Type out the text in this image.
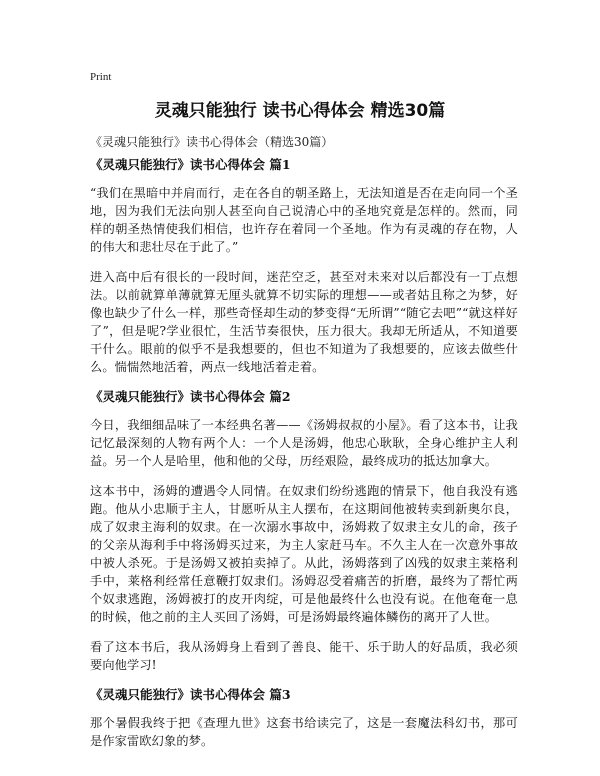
Print
灵魂只能独行 读书心得体会 精选30篇
《灵魂只能独行》读书心得体会（精选30篇）
《灵魂只能独行》读书心得体会 篇1

“我们在黑暗中并肩而行，走在各自的朝圣路上，无法知道是否在走向同一个圣地，因为我们无法向别人甚至向自己说清心中的圣地究竟是怎样的。然而，同样的朝圣热情使我们相信，也许存在着同一个圣地。作为有灵魂的存在物，人的伟大和悲壮尽在于此了。”

进入高中后有很长的一段时间，迷茫空乏，甚至对未来对以后都没有一丁点想法。以前就算单薄就算无厘头就算不切实际的理想——或者姑且称之为梦，好像也缺少了什么一样，那些奇怪却生动的梦变得“无所谓”“随它去吧”“就这样好了”，但是呢?学业很忙，生活节奏很快，压力很大。我却无所适从，不知道要干什么。眼前的似乎不是我想要的，但也不知道为了我想要的，应该去做些什么。惴惴然地活着，两点一线地活着走着。

《灵魂只能独行》读书心得体会 篇2

今日，我细细品味了一本经典名著——《汤姆叔叔的小屋》。看了这本书，让我记忆最深刻的人物有两个人：一个人是汤姆，他忠心耿耿，全身心维护主人利益。另一个人是哈里，他和他的父母，历经艰险，最终成功的抵达加拿大。

这本书中，汤姆的遭遇令人同情。在奴隶们纷纷逃跑的情景下，他自我没有逃跑。他从小忠顺于主人，甘愿听从主人摆布，在这期间他被转卖到新奥尔良，成了奴隶主海利的奴隶。在一次溺水事故中，汤姆救了奴隶主女儿的命，孩子的父亲从海利手中将汤姆买过来，为主人家赶马车。不久主人在一次意外事故中被人杀死。于是汤姆又被拍卖掉了。从此，汤姆落到了凶残的奴隶主莱格利手中，莱格利经常任意鞭打奴隶们。汤姆忍受着痛苦的折磨，最终为了帮忙两个奴隶逃跑，汤姆被打的皮开肉绽，可是他最终什么也没有说。在他奄奄一息的时候，他之前的主人买回了汤姆，可是汤姆最终遍体鳞伤的离开了人世。

看了这本书后，我从汤姆身上看到了善良、能干、乐于助人的好品质，我必须要向他学习!

《灵魂只能独行》读书心得体会 篇3

那个暑假我终于把《查理九世》这套书给读完了，这是一套魔法科幻书，那可是作家雷欧幻象的梦。
